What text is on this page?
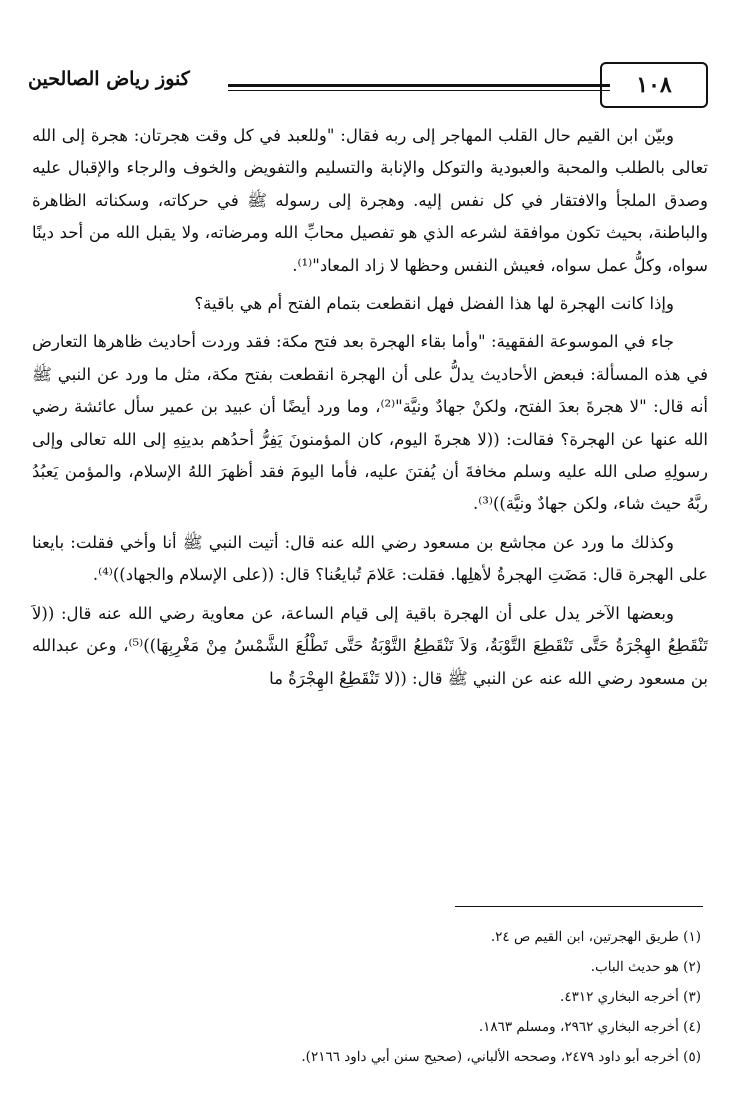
كنوز رياض الصالحين	١٠٨

وبيّن ابن القيم حال القلب المهاجر إلى ربه فقال: "وللعبد في كل وقت هجرتان: هجرة إلى الله تعالى بالطلب والمحبة والعبودية والتوكل والإنابة والتسليم والتفويض والخوف والرجاء والإقبال عليه وصدق الملجأ والافتقار في كل نفس إليه. وهجرة إلى رسوله ﷺ في حركاته، وسكناته الظاهرة والباطنة، بحيث تكون موافقة لشرعه الذي هو تفصيل محابِّ الله ومرضاته، ولا يقبل الله من أحد دينًا سواه، وكلُّ عمل سواه، فعيش النفس وحظها لا زاد المعاد"⁽¹⁾.

وإذا كانت الهجرة لها هذا الفضل فهل انقطعت بتمام الفتح أم هي باقية؟

جاء في الموسوعة الفقهية: "وأما بقاء الهجرة بعد فتح مكة: فقد وردت أحاديث ظاهرها التعارض في هذه المسألة: فبعض الأحاديث يدلُّ على أن الهجرة انقطعت بفتح مكة، مثل ما ورد عن النبي ﷺ أنه قال: "لا هجرةَ بعدَ الفتح، ولكنْ جهادٌ ونيَّة"⁽²⁾، وما ورد أيضًا أن عبيد بن عمير سأل عائشة رضي الله عنها عن الهجرة؟ فقالت: ((لا هجرةَ اليوم، كان المؤمنونَ يَفِرُّ أحدُهم بدينِهِ إلى الله تعالى وإلى رسولِهِ صلى الله عليه وسلم مخافةَ أن يُفتنَ عليه، فأما اليومَ فقد أظهرَ اللهُ الإسلام، والمؤمن يَعبُدُ ربَّهُ حيث شاء، ولكن جهادٌ ونيَّة))⁽³⁾.

وكذلك ما ورد عن مجاشع بن مسعود رضي الله عنه قال: أتيت النبي ﷺ أنا وأخي فقلت: بايعنا على الهجرة قال: مَضَتِ الهجرةُ لأهلِها. فقلت: عَلامَ تُبايعُنا؟ قال: ((على الإسلام والجهاد))⁽⁴⁾.

وبعضها الآخر يدل على أن الهجرة باقية إلى قيام الساعة، عن معاوية رضي الله عنه قال: ((لاَ تَنْقَطِعُ الهِجْرَةُ حَتَّى تَنْقَطِعَ التَّوْبَةُ، وَلاَ تَنْقَطِعُ التَّوْبَةُ حَتَّى تَطْلُعَ الشَّمْسُ مِنْ مَغْرِبِهَا))⁽⁵⁾، وعن عبدالله بن مسعود رضي الله عنه عن النبي ﷺ قال: ((لا تَنْقَطِعُ الهِجْرَةُ ما

(١) طريق الهجرتين، ابن القيم ص ٢٤.
(٢) هو حديث الباب.
(٣) أخرجه البخاري ٤٣١٢.
(٤) أخرجه البخاري ٢٩٦٢، ومسلم ١٨٦٣.
(٥) أخرجه أبو داود ٢٤٧٩، وصححه الألباني، (صحيح سنن أبي داود ٢١٦٦).
